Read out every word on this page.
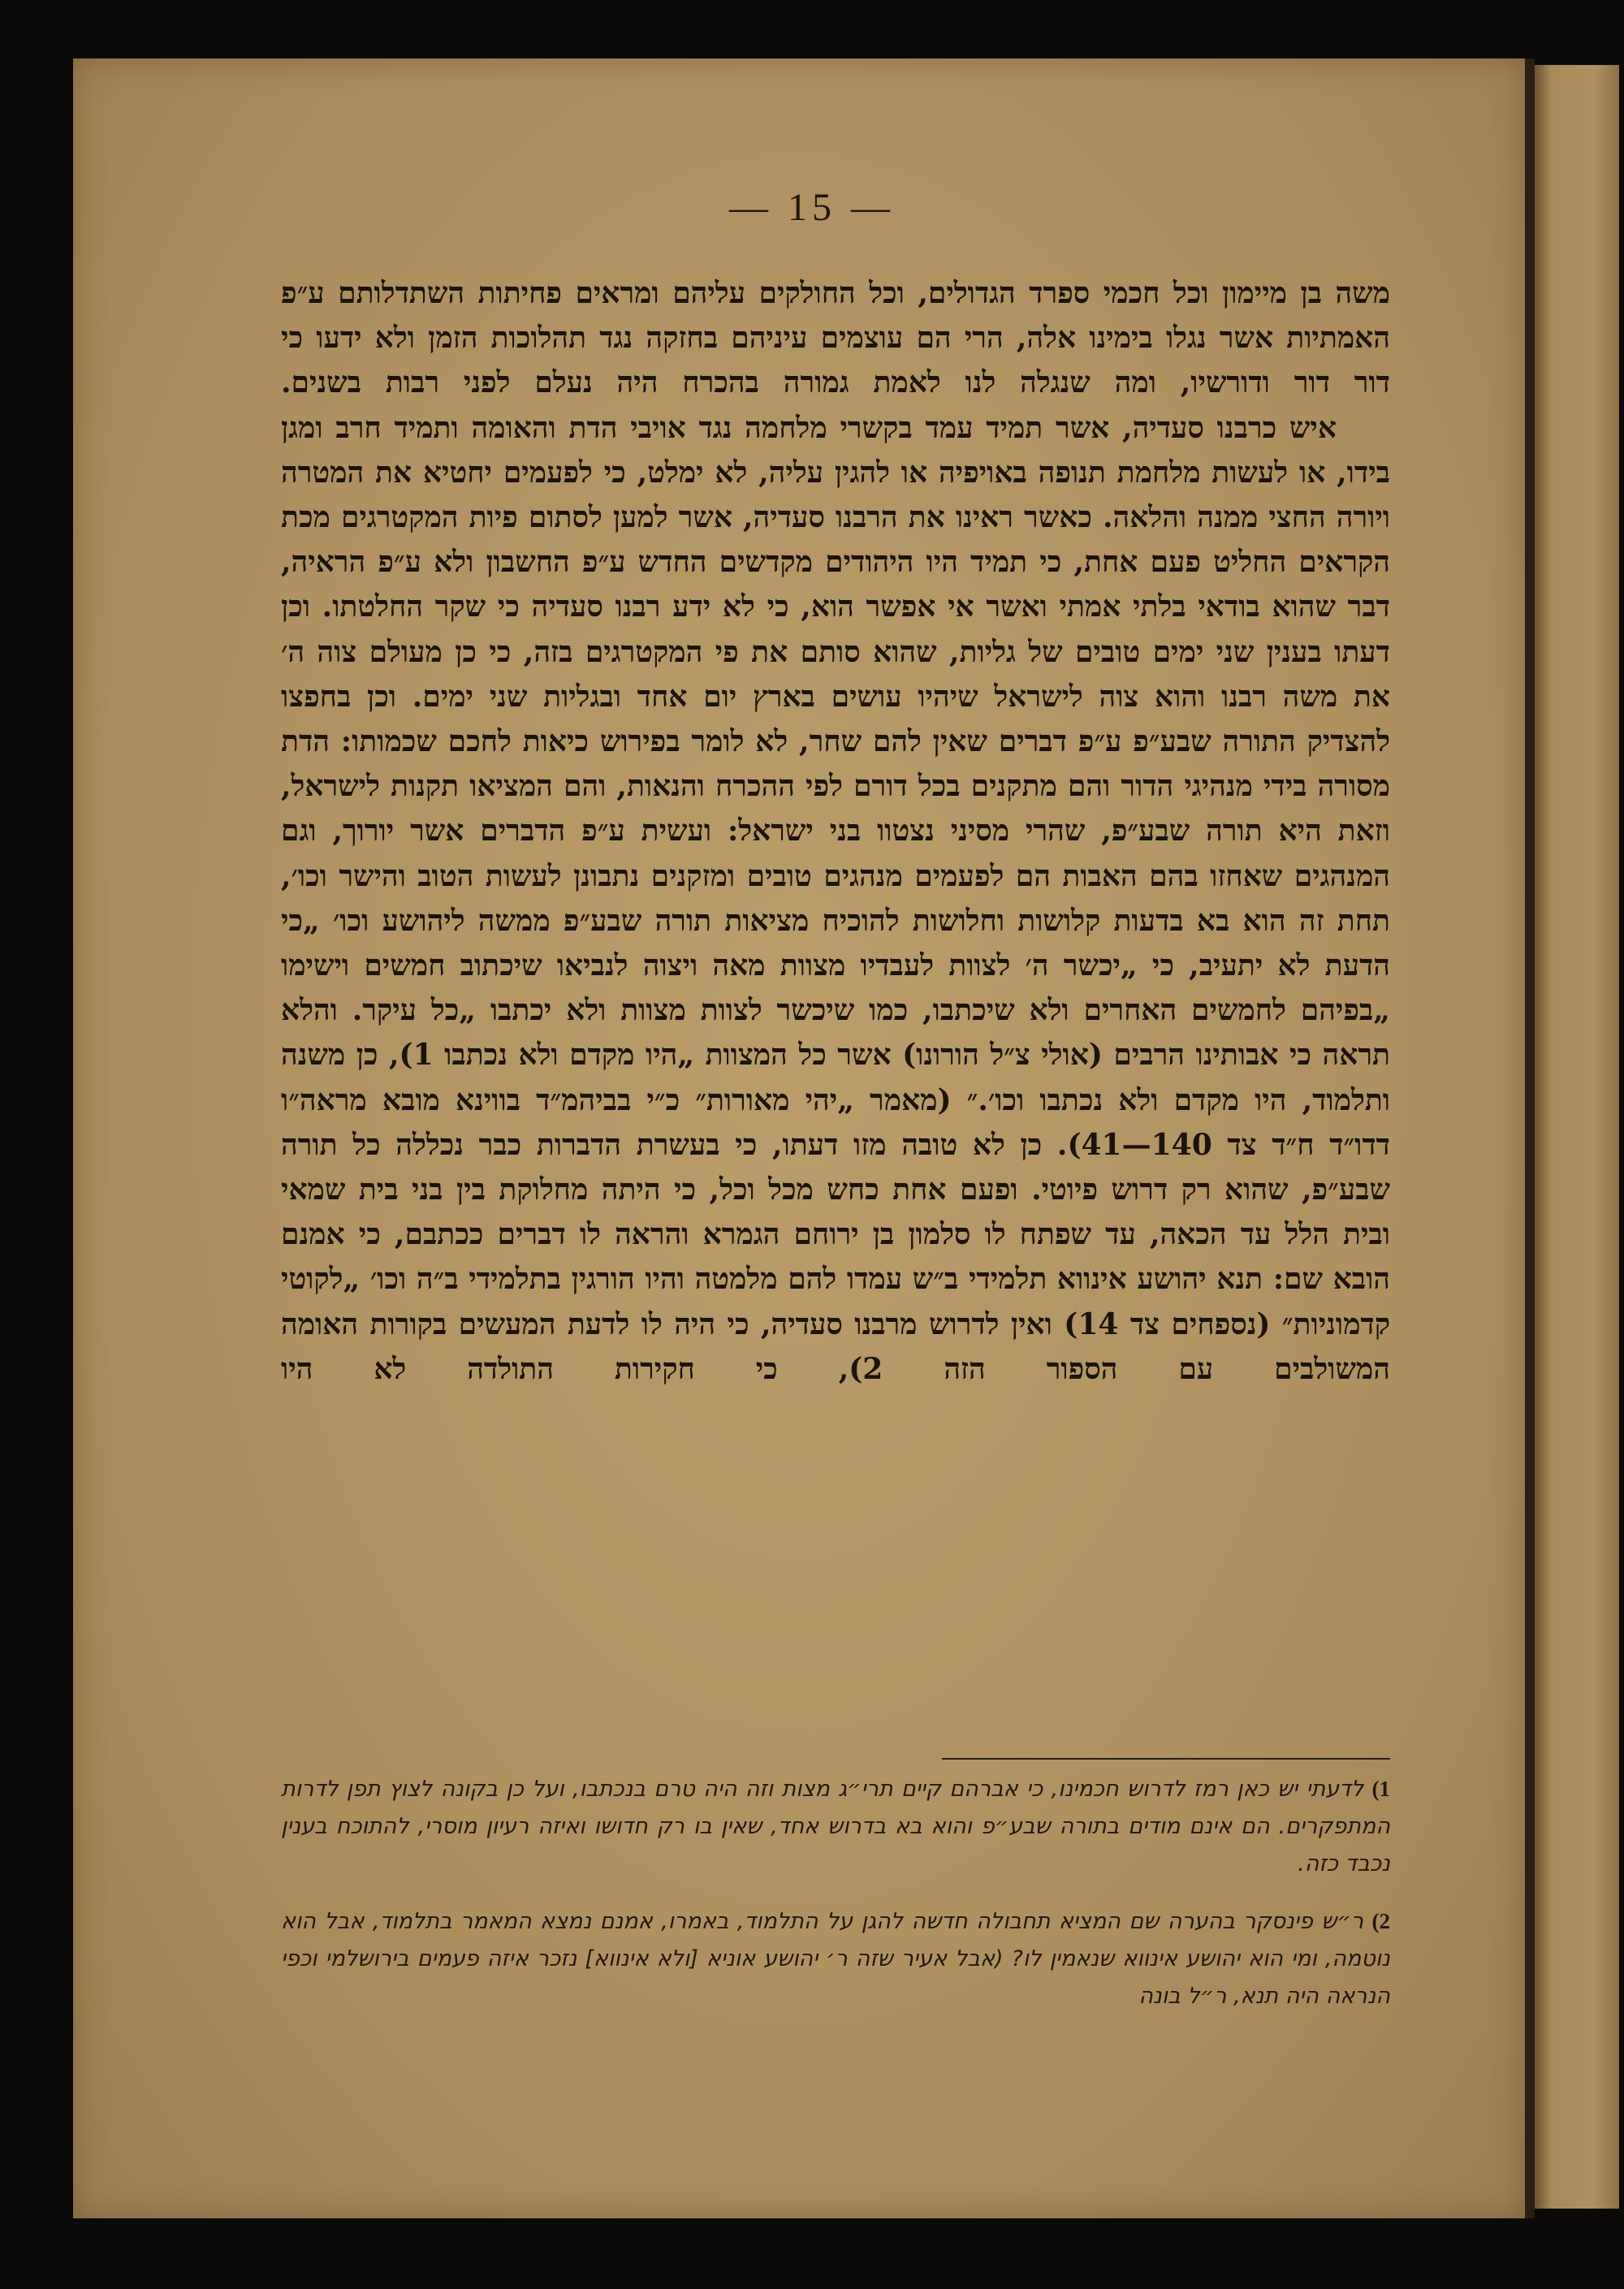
— 15 —

משה בן מיימון וכל חכמי ספרד הגדולים, וכל החולקים עליהם ומראים פחיתות השתדלותם ע״פ האמתיות אשר נגלו בימינו אלה, הרי הם עוצמים עיניהם בחזקה נגד תהלוכות הזמן ולא ידעו כי דור דור ודורשיו, ומה שנגלה לנו לאמת גמורה בהכרח היה נעלם לפני רבות בשנים.

איש כרבנו סעדיה, אשר תמיד עמד בקשרי מלחמה נגד אויבי הדת והאומה ותמיד חרב ומגן בידו, או לעשות מלחמת תנופה באויפיה או להגין עליה, לא ימלט, כי לפעמים יחטיא את המטרה ויורה החצי ממנה והלאה. כאשר ראינו את הרבנו סעדיה, אשר למען לסתום פיות המקטרגים מכת הקראים החליט פעם אחת, כי תמיד היו היהודים מקדשים החדש ע״פ החשבון ולא ע״פ הראיה, דבר שהוא בודאי בלתי אמתי ואשר אי אפשר הוא, כי לא ידע רבנו סעדיה כי שקר החלטתו. וכן דעתו בענין שני ימים טובים של גליות, שהוא סותם את פי המקטרגים בזה, כי כן מעולם צוה ה׳ את משה רבנו והוא צוה לישראל שיהיו עושים בארץ יום אחד ובגליות שני ימים. וכן בחפצו להצדיק התורה שבע״פ ע״פ דברים שאין להם שחר, לא לומר בפירוש כיאות לחכם שכמותו: הדת מסורה בידי מנהיגי הדור והם מתקנים בכל דורם לפי ההכרח והנאות, והם המציאו תקנות לישראל, וזאת היא תורה שבע״פ, שהרי מסיני נצטוו בני ישראל: ועשית ע״פ הדברים אשר יורוך, וגם המנהגים שאחזו בהם האבות הם לפעמים מנהגים טובים ומזקנים נתבונן לעשות הטוב והישר וכו׳, תחת זה הוא בא בדעות קלושות וחלושות להוכיח מציאות תורה שבע״פ ממשה ליהושע וכו׳ „כי הדעת לא יתעיב, כי „יכשר ה׳ לצוות לעבדיו מצוות מאה ויצוה לנביאו שיכתוב חמשים וישימו „בפיהם לחמשים האחרים ולא שיכתבו, כמו שיכשר לצוות מצוות ולא יכתבו „כל עיקר. והלא תראה כי אבותינו הרבים (אולי צ״ל הורונו) אשר כל המצוות „היו מקדם ולא נכתבו 1), כן משנה ותלמוד, היו מקדם ולא נכתבו וכו׳.״ (מאמר „יהי מאורות״ כ״י בביהמ״ד בווינא מובא מראה״ו דדו״ד ח״ד צד 140—41). כן לא טובה מזו דעתו, כי בעשרת הדברות כבר נכללה כל תורה שבע״פ, שהוא רק דרוש פיוטי. ופעם אחת כחש מכל וכל, כי היתה מחלוקת בין בני בית שמאי ובית הלל עד הכאה, עד שפתח לו סלמון בן ירוחם הגמרא והראה לו דברים ככתבם, כי אמנם הובא שם: תנא יהושע אינווא תלמידי ב״ש עמדו להם מלמטה והיו הורגין בתלמידי ב״ה וכו׳ „לקוטי קדמוניות״ (נספחים צד 14) ואין לדרוש מרבנו סעדיה, כי היה לו לדעת המעשים בקורות האומה המשולבים עם הספור הזה 2), כי חקירות התולדה לא היו

1) לדעתי יש כאן רמז לדרוש חכמינו, כי אברהם קיים תרי״ג מצות וזה היה טרם בנכתבו, ועל כן בקונה לצוץ תפן לדרות המתפקרים. הם אינם מודים בתורה שבע״פ והוא בא בדרוש אחד, שאין בו רק חדושו ואיזה רעיון מוסרי, להתוכח בענין נכבד כזה.

2) ר״ש פינסקר בהערה שם המציא תחבולה חדשה להגן על התלמוד, באמרו, אמנם נמצא המאמר בתלמוד, אבל הוא נוטמה, ומי הוא יהושע אינווא שנאמין לו? (אבל אעיר שזה ר׳ יהושע אוניא [ולא אינווא] נזכר איזה פעמים בירושלמי וכפי הנראה היה תנא, ר״ל בונה
